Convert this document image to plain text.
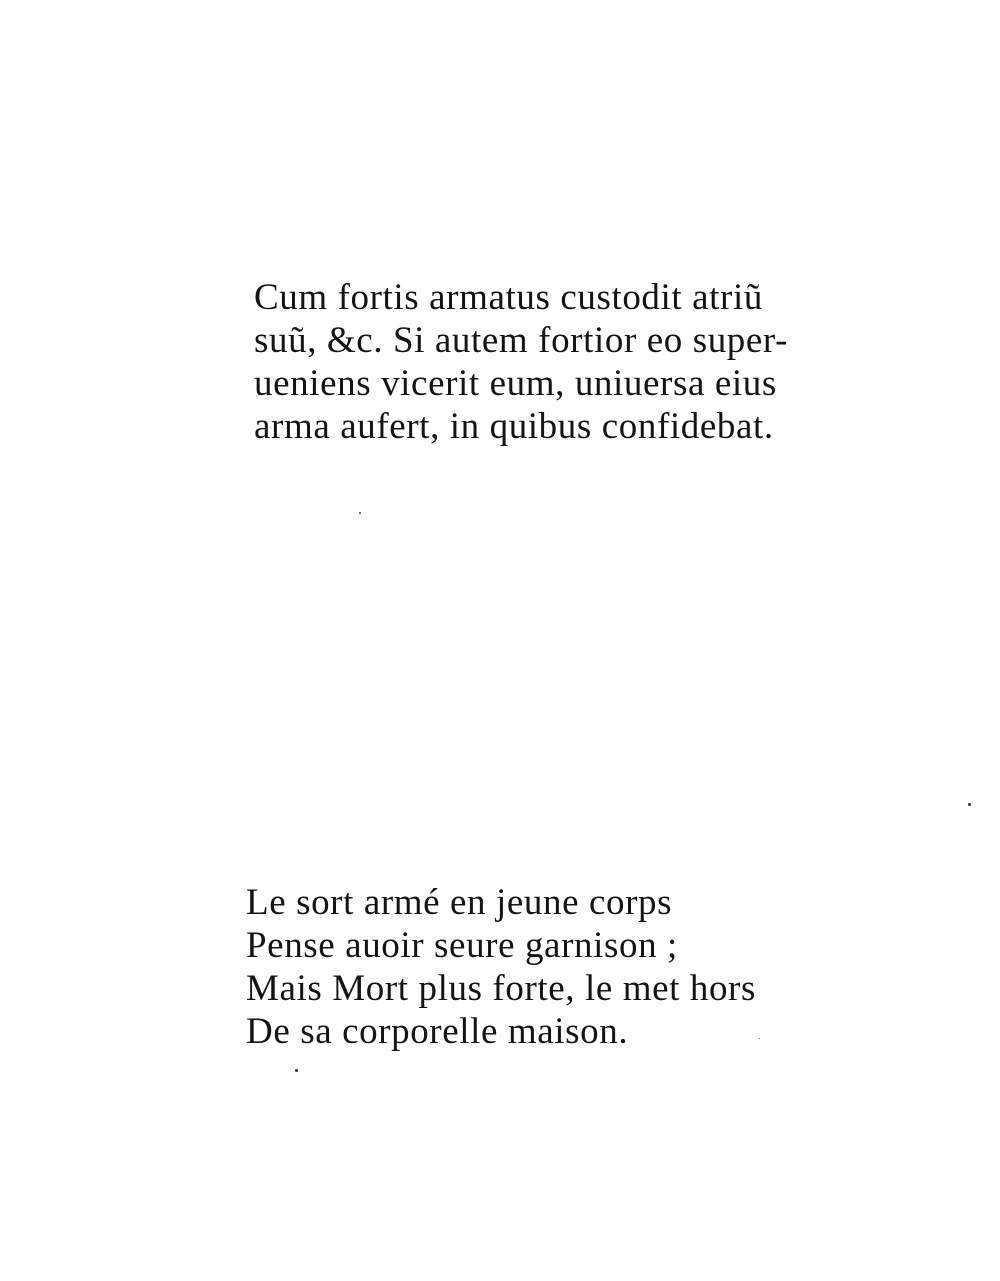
Cum fortis armatus custodit atriũ
suũ, &c. Si autem fortior eo super-
ueniens vicerit eum, uniuersa eius
arma aufert, in quibus confidebat.
Le sort armé en jeune corps
Pense auoir seure garnison ;
Mais Mort plus forte, le met hors
De sa corporelle maison.
